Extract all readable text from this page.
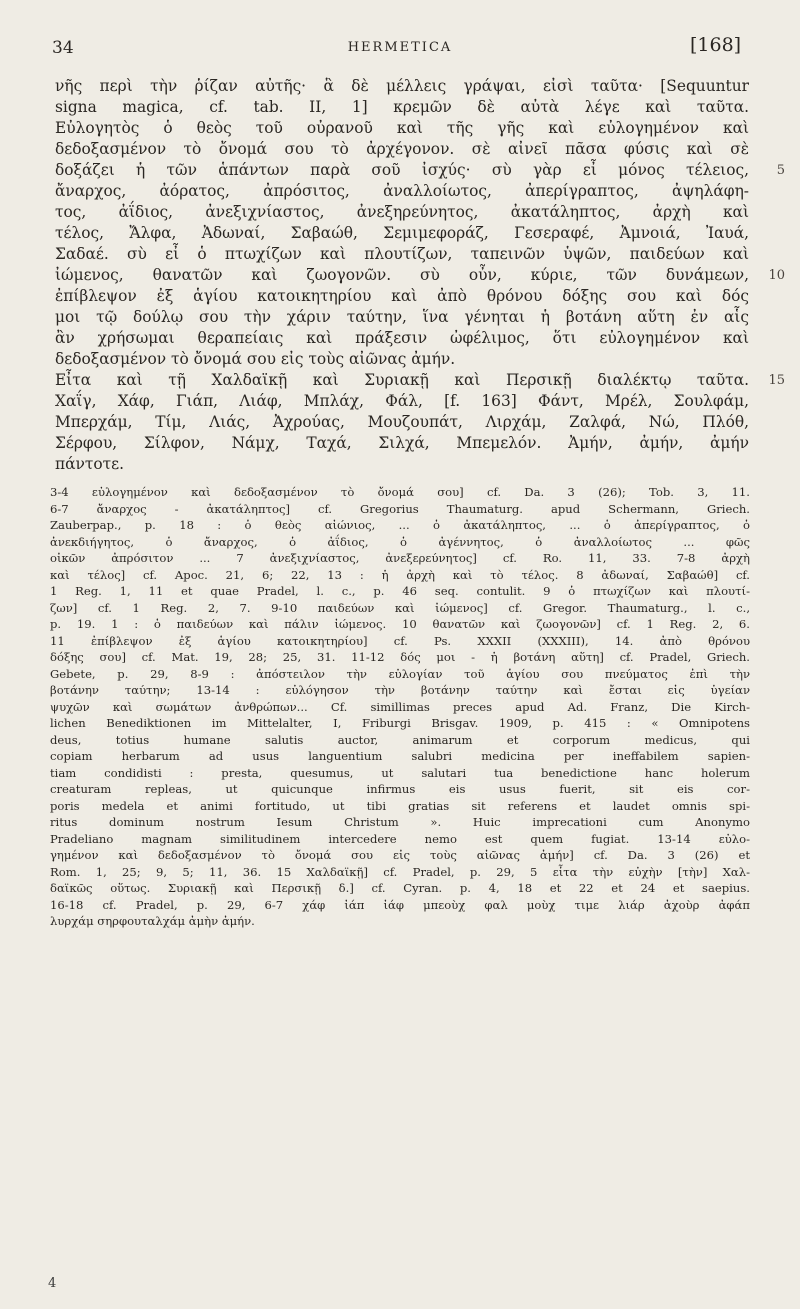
34	HERMETICA	[168]
νῆς περὶ τὴν ῥίζαν αὐτῆς· ἃ δὲ μέλλεις γράψαι, εἰσὶ ταῦτα· [Sequuntur
signa magica, cf. tab. II, 1] κρεμῶν δὲ αὐτὰ λέγε καὶ ταῦτα.
Εὐλογητὸς ὁ θεὸς τοῦ οὐρανοῦ καὶ τῆς γῆς καὶ εὐλογημένον καὶ
δεδοξασμένον τὸ ὄνομά σου τὸ ἀρχέγονον. σὲ αἰνεῖ πᾶσα φύσις καὶ σὲ
δοξάζει ἡ τῶν ἁπάντων παρὰ σοῦ ἰσχύς· σὺ γὰρ εἶ μόνος τέλειος, 5
ἄναρχος, ἀόρατος, ἀπρόσιτος, ἀναλλοίωτος, ἀπερίγραπτος, ἀψηλάφη-
τος, ἀΐδιος, ἀνεξιχνίαστος, ἀνεξηρεύνητος, ἀκατάληπτος, ἀρχὴ καὶ
τέλος, Ἄλφα, Ἀδωναί, Σαβαώθ, Σεμιμεφοράζ, Γεσεραφέ, Ἀμνοιά, Ἰαυά,
Σαδαέ. σὺ εἶ ὁ πτωχίζων καὶ πλουτίζων, ταπεινῶν ὑψῶν, παιδεύων καὶ
ἰώμενος, θανατῶν καὶ ζωογονῶν. σὺ οὖν, κύριε, τῶν δυνάμεων, 10
ἐπίβλεψον ἐξ ἁγίου κατοικητηρίου καὶ ἀπὸ θρόνου δόξης σου καὶ δός
μοι τῷ δούλῳ σου τὴν χάριν ταύτην, ἵνα γένηται ἡ βοτάνη αὕτη ἐν αἷς
ἂν χρήσωμαι θεραπείαις καὶ πράξεσιν ὠφέλιμος, ὅτι εὐλογημένον καὶ
δεδοξασμένον τὸ ὄνομά σου εἰς τοὺς αἰῶνας ἀμήν.
Εἶτα καὶ τῇ Χαλδαϊκῇ καὶ Συριακῇ καὶ Περσικῇ διαλέκτῳ ταῦτα. 15
Χαΐγ, Χάφ, Γιάπ, Λιάφ, Μπλάχ, Φάλ, [f. 163] Φάντ, Μρέλ, Σουλφάμ,
Μπερχάμ, Τίμ, Λιάς, Ἀχρούας, Μουζουπάτ, Λιρχάμ, Ζαλφά, Νώ, Πλόθ,
Σέρφου, Σίλφον, Νάμχ, Ταχά, Σιλχά, Μπεμελόν. Ἀμήν, ἀμήν, ἀμήν
πάντοτε.
3-4 εὐλογημένον καὶ δεδοξασμένον τὸ ὄνομά σου] cf. Da. 3 (26); Tob. 3, 11.
6-7 ἄναρχος - ἀκατάληπτος] cf. Gregorius Thaumaturg. apud Schermann, Griech.
Zauberpap., p. 18 : ὁ θεὸς αἰώνιος, ... ὁ ἀκατάληπτος, ... ὁ ἀπερίγραπτος, ὁ
ἀνεκδιήγητος, ὁ ἄναρχος, ὁ ἀΐδιος, ὁ ἀγέννητος, ὁ ἀναλλοίωτος ... φῶς
οἰκῶν ἀπρόσιτον ... 7 ἀνεξιχνίαστος, ἀνεξερεύνητος] cf. Ro. 11, 33. 7-8 ἀρχὴ
καὶ τέλος] cf. Apoc. 21, 6; 22, 13 : ἡ ἀρχὴ καὶ τὸ τέλος. 8 ἀδωναί, Σαβαώθ] cf.
1 Reg. 1, 11 et quae Pradel, l. c., p. 46 seq. contulit. 9 ὁ πτωχίζων καὶ πλουτί-
ζων] cf. 1 Reg. 2, 7. 9-10 παιδεύων καὶ ἰώμενος] cf. Gregor. Thaumaturg., l. c.,
p. 19. 1 : ὁ παιδεύων καὶ πάλιν ἰώμενος. 10 θανατῶν καὶ ζωογονῶν] cf. 1 Reg. 2, 6.
11 ἐπίβλεψον ἐξ ἁγίου κατοικητηρίου] cf. Ps. XXXII (XXXIII), 14. ἀπὸ θρόνου
δόξης σου] cf. Mat. 19, 28; 25, 31. 11-12 δός μοι - ἡ βοτάνη αὕτη] cf. Pradel, Griech.
Gebete, p. 29, 8-9 : ἀπόστειλον τὴν εὐλογίαν τοῦ ἁγίου σου πνεύματος ἐπὶ τὴν
βοτάνην ταύτην; 13-14 : εὐλόγησον τὴν βοτάνην ταύτην καὶ ἔσται εἰς ὑγείαν
ψυχῶν καὶ σωμάτων ἀνθρώπων... Cf. simillimas preces apud Ad. Franz, Die Kirch-
lichen Benediktionen im Mittelalter, I, Friburgi Brisgav. 1909, p. 415 : « Omnipotens
deus, totius humane salutis auctor, animarum et corporum medicus, qui
copiam herbarum ad usus languentium salubri medicina per ineffabilem sapien-
tiam condidisti : presta, quesumus, ut salutari tua benedictione hanc holerum
creaturam repleas, ut quicunque infirmus eis usus fuerit, sit eis cor-
poris medela et animi fortitudo, ut tibi gratias sit referens et laudet omnis spi-
ritus dominum nostrum Iesum Christum ». Huic imprecationi cum Anonymo
Pradeliano magnam similitudinem intercedere nemo est quem fugiat. 13-14 εὐλο-
γημένον καὶ δεδοξασμένον τὸ ὄνομά σου εἰς τοὺς αἰῶνας ἀμήν] cf. Da. 3 (26) et
Rom. 1, 25; 9, 5; 11, 36. 15 Χαλδαϊκῇ] cf. Pradel, p. 29, 5 εἶτα τὴν εὐχὴν [τὴν] Χαλ-
δαϊκῶς οὕτως. Συριακῇ καὶ Περσικῇ δ.] cf. Cyran. p. 4, 18 et 22 et 24 et saepius.
16-18 cf. Pradel, p. 29, 6-7 χάφ ἰάπ ἰάφ μπεοὺχ φαλ μοὺχ τιμε λιάρ ἀχοὺρ ἀφάπ
λυρχάμ σηρφουταλχάμ ἀμὴν ἀμήν.
4
